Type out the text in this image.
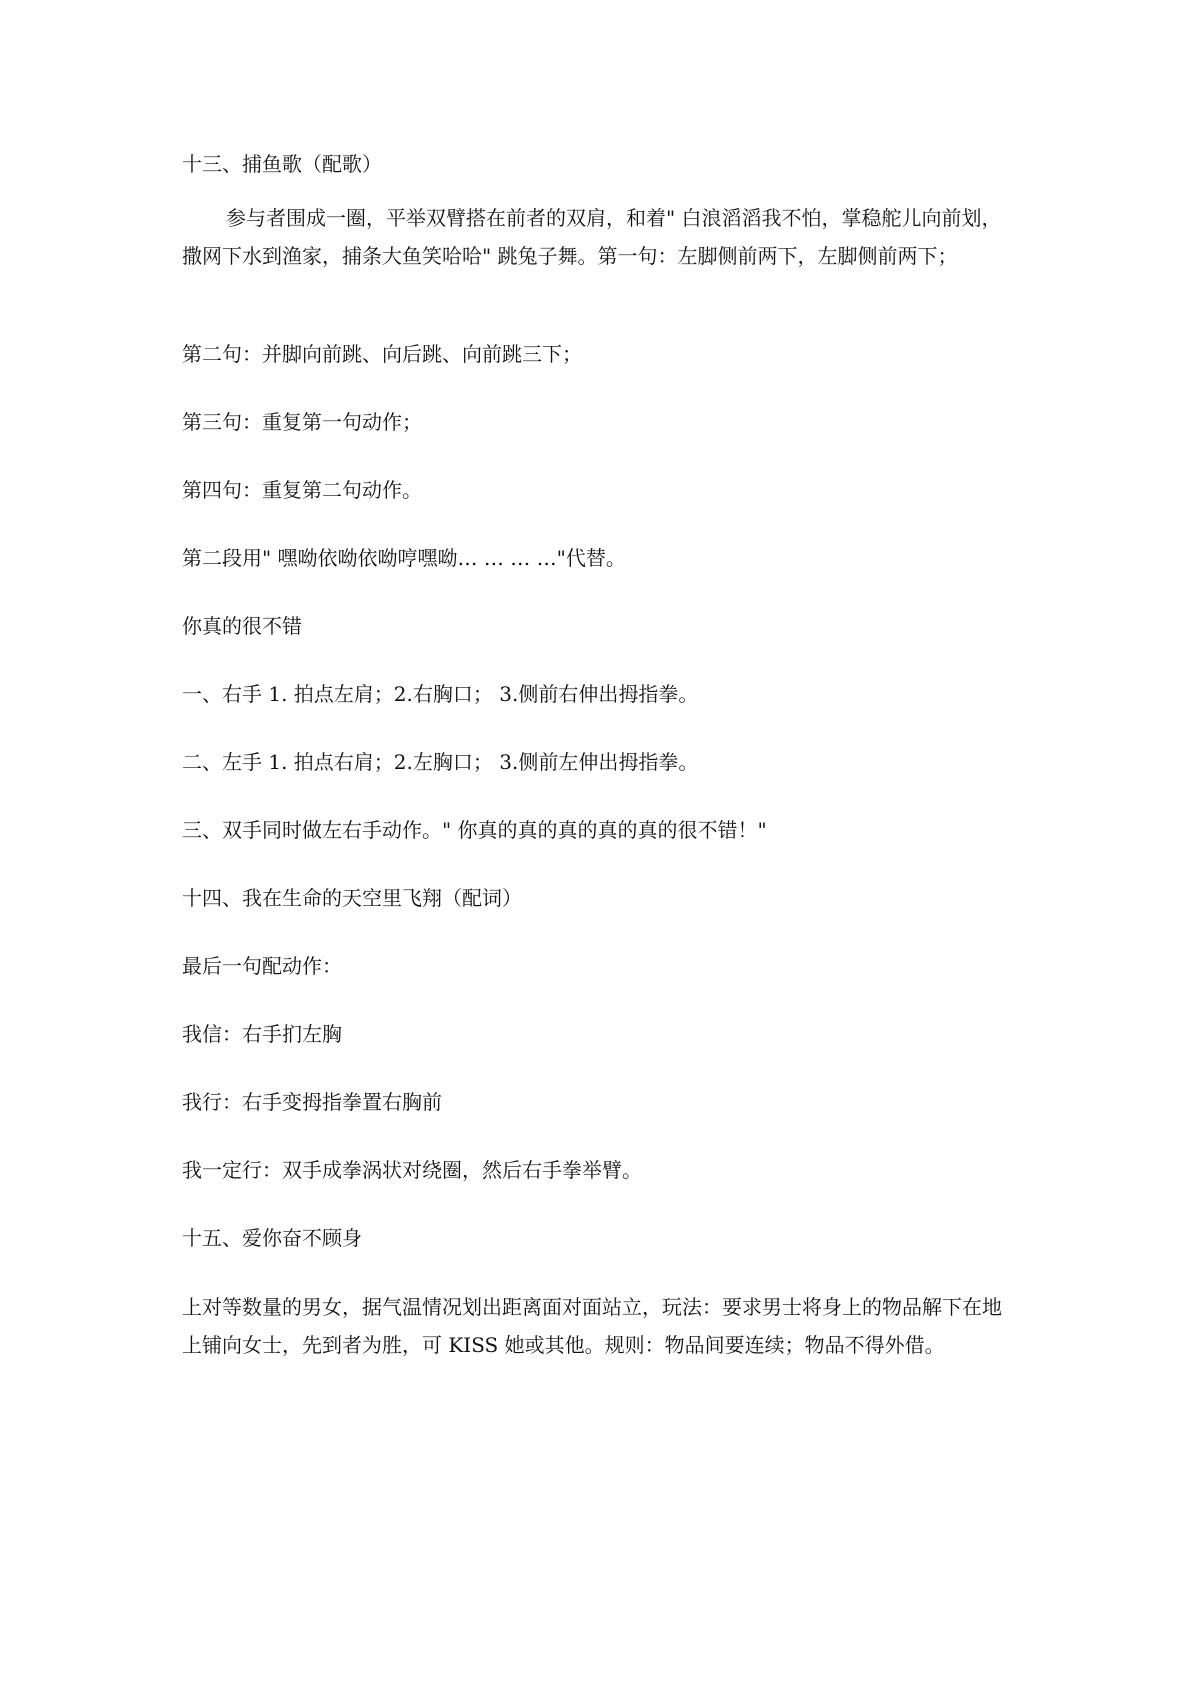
十三、捕鱼歌（配歌）
参与者围成一圈，平举双臂搭在前者的双肩，和着" 白浪滔滔我不怕，掌稳舵儿向前划，撒网下水到渔家，捕条大鱼笑哈哈" 跳兔子舞。第一句：左脚侧前两下，左脚侧前两下；
第二句：并脚向前跳、向后跳、向前跳三下；
第三句：重复第一句动作；
第四句：重复第二句动作。
第二段用" 嘿呦依呦依呦哼嘿呦… … … …"代替。
你真的很不错
一、右手 1. 拍点左肩；2.右胸口； 3.侧前右伸出拇指拳。
二、左手 1. 拍点右肩；2.左胸口； 3.侧前左伸出拇指拳。
三、双手同时做左右手动作。" 你真的真的真的真的真的很不错！"
十四、我在生命的天空里飞翔（配词）
最后一句配动作：
我信：右手扪左胸
我行：右手变拇指拳置右胸前
我一定行：双手成拳涡状对绕圈，然后右手拳举臂。
十五、爱你奋不顾身
上对等数量的男女，据气温情况划出距离面对面站立，玩法：要求男士将身上的物品解下在地上铺向女士，先到者为胜，可 KISS 她或其他。规则：物品间要连续；物品不得外借。
